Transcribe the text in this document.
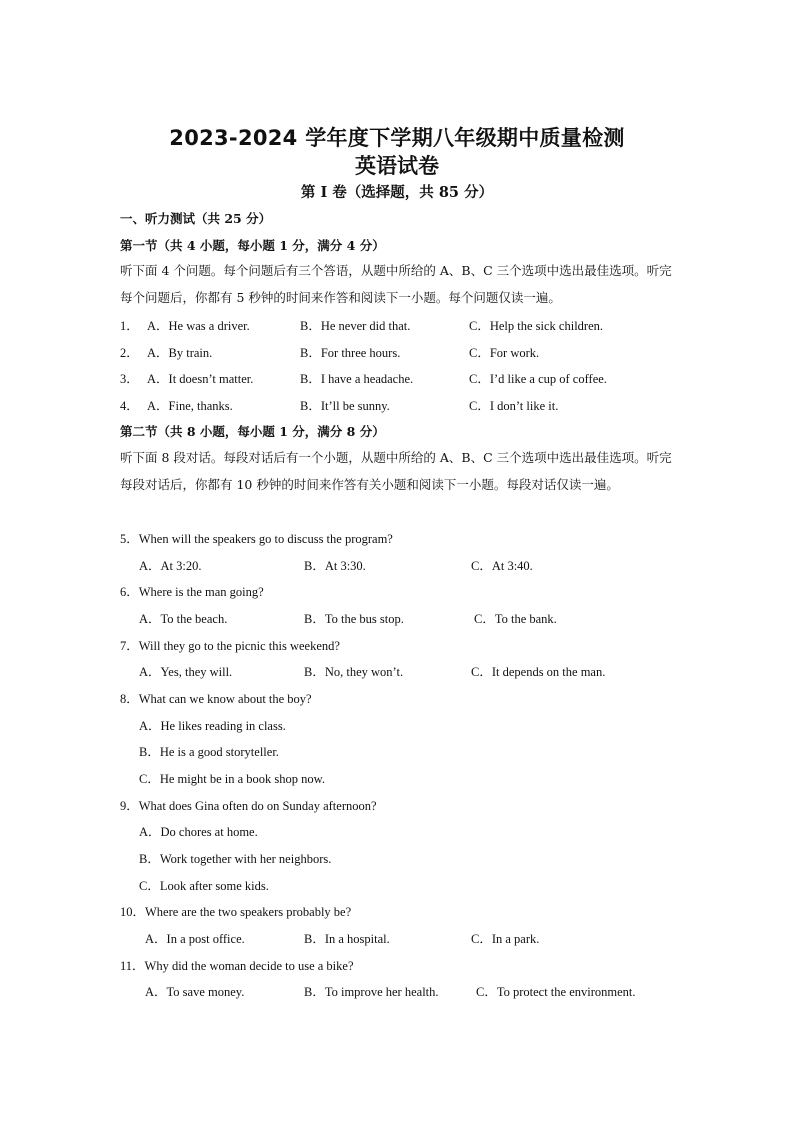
2023-2024 学年度下学期八年级期中质量检测
英语试卷
第 I 卷（选择题，共 85 分）
一、听力测试（共 25 分）
第一节（共 4 小题，每小题 1 分，满分 4 分）
听下面 4 个问题。每个问题后有三个答语，从题中所给的 A、B、C 三个选项中选出最佳选项。听完每个问题后，你都有 5 秒钟的时间来作答和阅读下一小题。每个问题仅读一遍。
1． A．He was a driver.	B．He never did that.	C．Help the sick children.
2． A．By train.	B．For three hours.	C．For work.
3． A．It doesn’t matter.	B．I have a headache.	C．I’d like a cup of coffee.
4． A．Fine, thanks.	B．It’ll be sunny.	C．I don’t like it.
第二节（共 8 小题，每小题 1 分，满分 8 分）
听下面 8 段对话。每段对话后有一个小题，从题中所给的 A、B、C 三个选项中选出最佳选项。听完每段对话后，你都有 10 秒钟的时间来作答有关小题和阅读下一小题。每段对话仅读一遍。
5．When will the speakers go to discuss the program?
A．At 3:20.	B．At 3:30.	C．At 3:40.
6．Where is the man going?
A．To the beach.	B．To the bus stop.	C．To the bank.
7．Will they go to the picnic this weekend?
A．Yes, they will.	B．No, they won’t.	C．It depends on the man.
8．What can we know about the boy?
A．He likes reading in class.
B．He is a good storyteller.
C．He might be in a book shop now.
9．What does Gina often do on Sunday afternoon?
A．Do chores at home.
B．Work together with her neighbors.
C．Look after some kids.
10．Where are the two speakers probably be?
A．In a post office.	B．In a hospital.	C．In a park.
11．Why did the woman decide to use a bike?
A．To save money.	B．To improve her health.	C．To protect the environment.
